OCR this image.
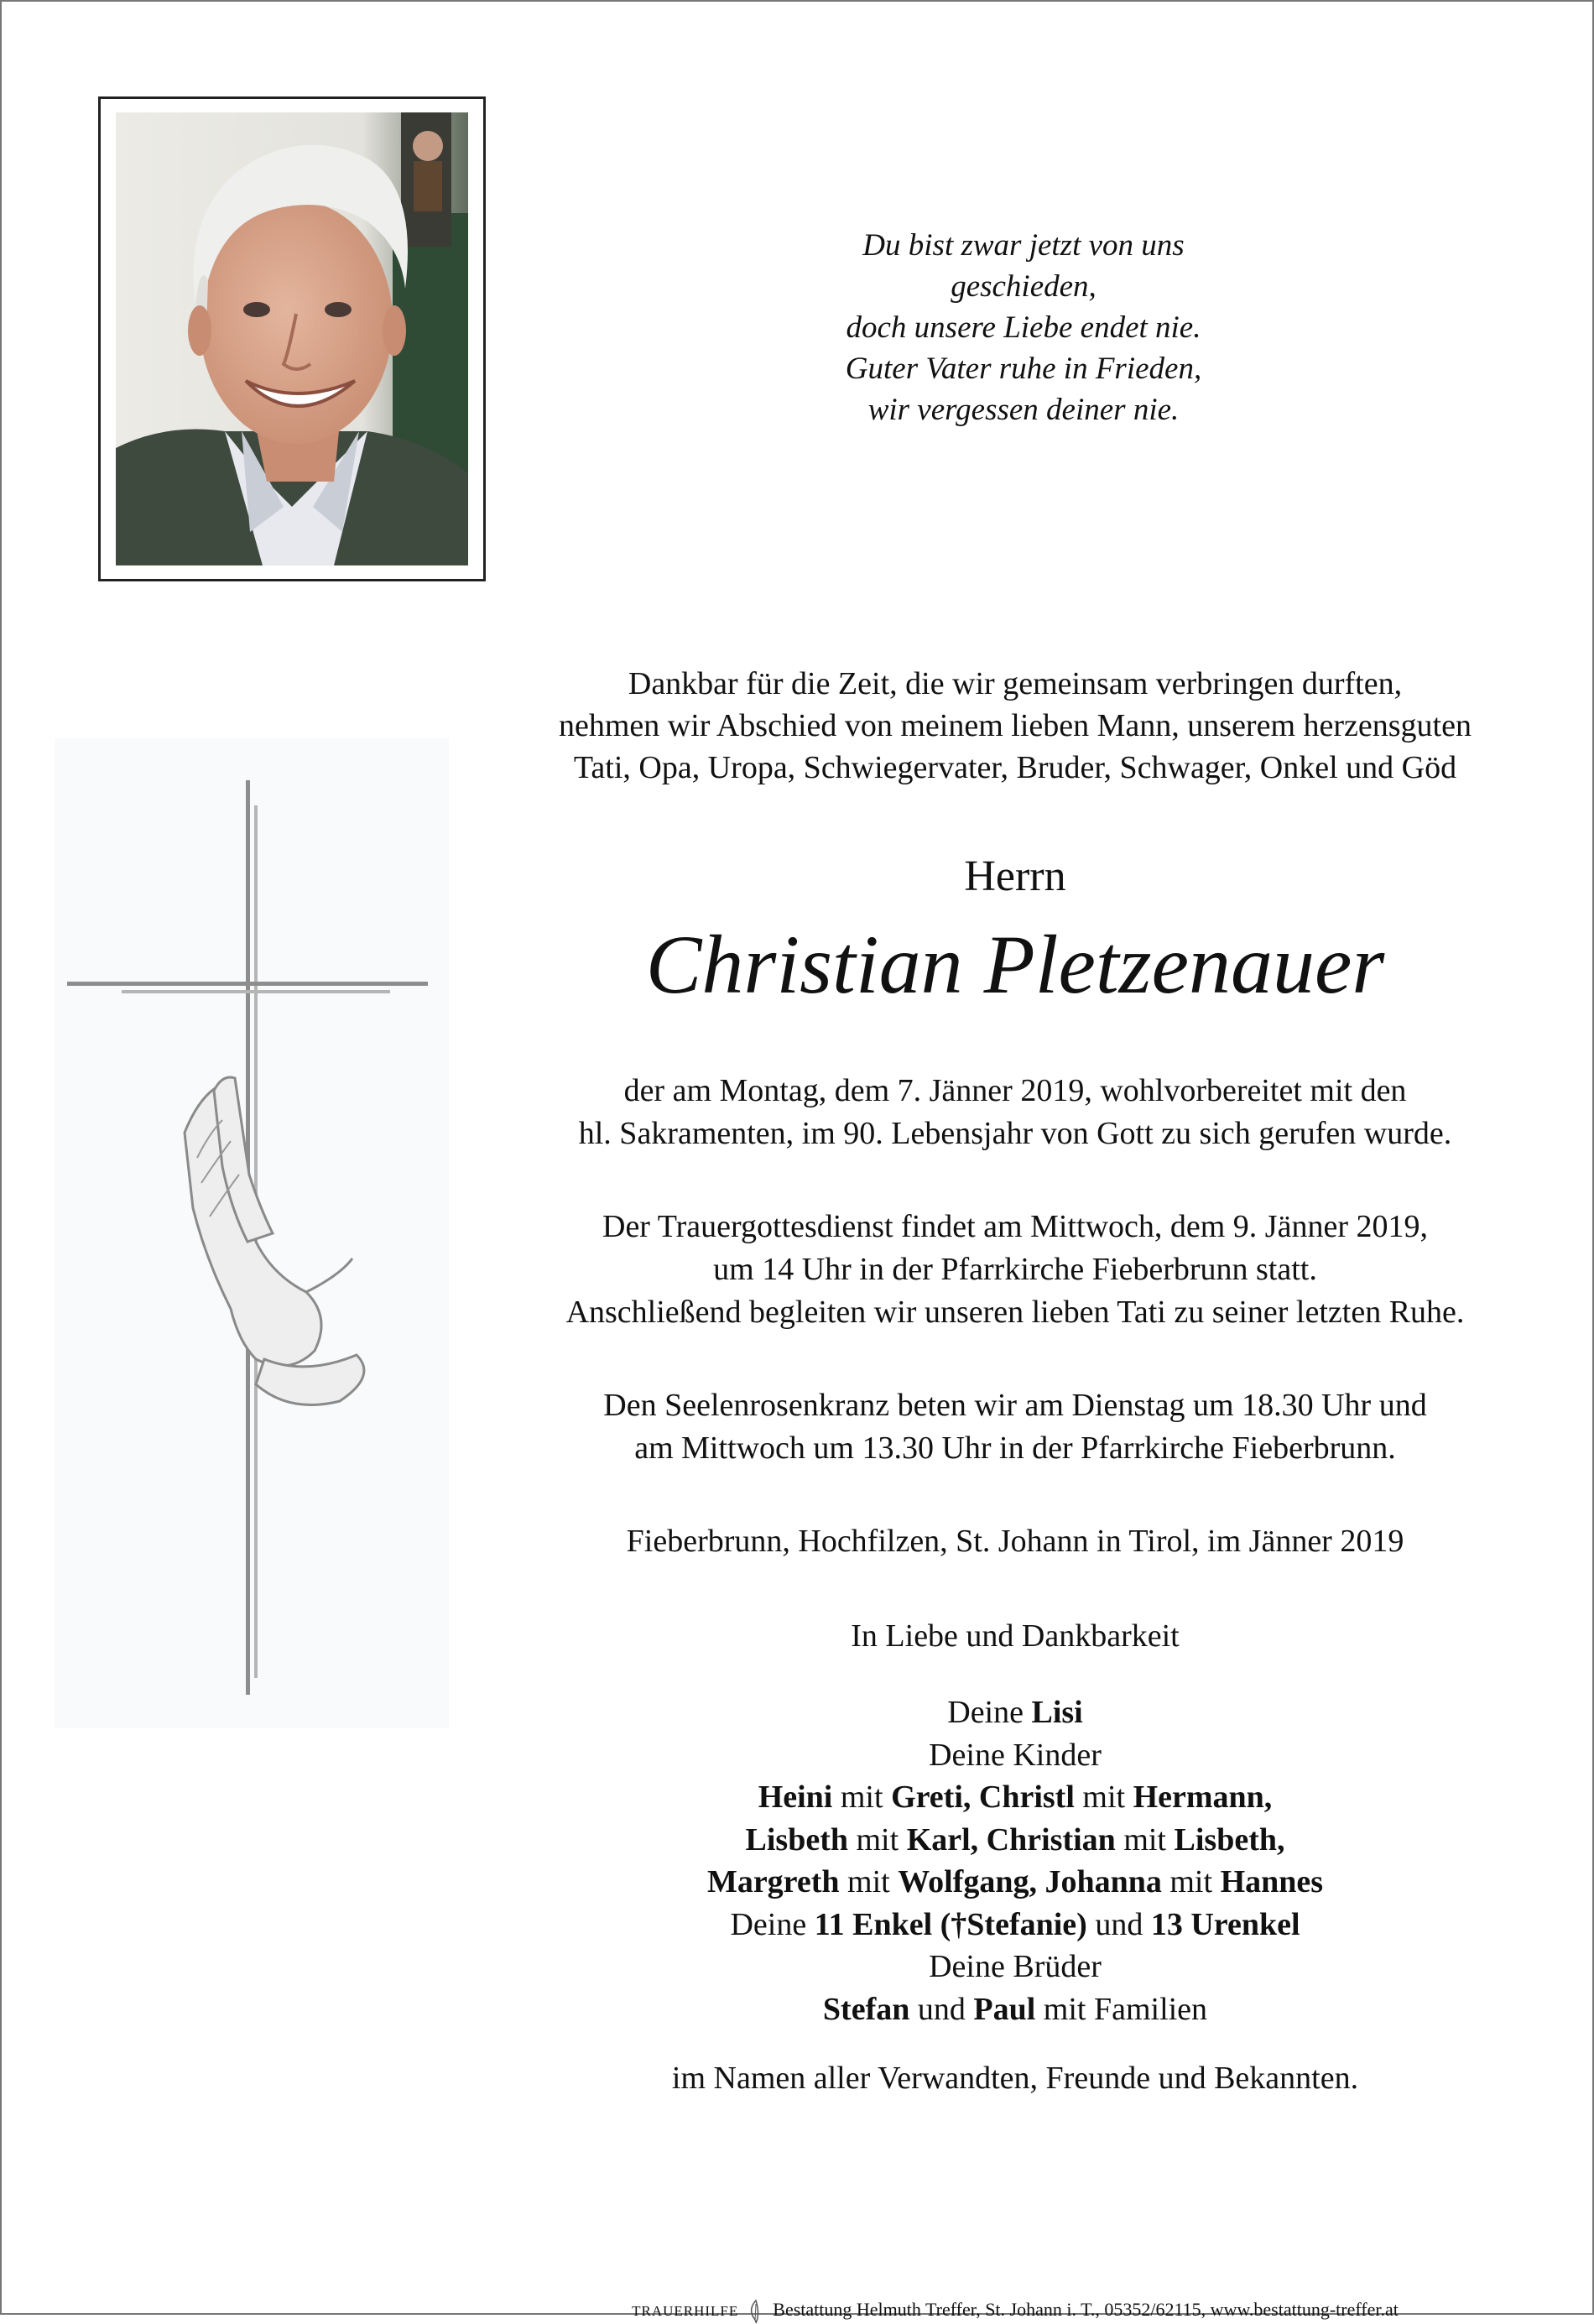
Du bist zwar jetzt von uns
geschieden,
doch unsere Liebe endet nie.
Guter Vater ruhe in Frieden,
wir vergessen deiner nie.
Dankbar für die Zeit, die wir gemeinsam verbringen durften,
nehmen wir Abschied von meinem lieben Mann, unserem herzensguten
Tati, Opa, Uropa, Schwiegervater, Bruder, Schwager, Onkel und Göd
Herrn
Christian Pletzenauer
der am Montag, dem 7. Jänner 2019, wohlvorbereitet mit den
hl. Sakramenten, im 90. Lebensjahr von Gott zu sich gerufen wurde.
Der Trauergottesdienst findet am Mittwoch, dem 9. Jänner 2019,
um 14 Uhr in der Pfarrkirche Fieberbrunn statt.
Anschließend begleiten wir unseren lieben Tati zu seiner letzten Ruhe.
Den Seelenrosenkranz beten wir am Dienstag um 18.30 Uhr und
am Mittwoch um 13.30 Uhr in der Pfarrkirche Fieberbrunn.
Fieberbrunn, Hochfilzen, St. Johann in Tirol, im Jänner 2019
In Liebe und Dankbarkeit
Deine Lisi
Deine Kinder
Heini mit Greti, Christl mit Hermann,
Lisbeth mit Karl, Christian mit Lisbeth,
Margreth mit Wolfgang, Johanna mit Hannes
Deine 11 Enkel (†Stefanie) und 13 Urenkel
Deine Brüder
Stefan und Paul mit Familien
im Namen aller Verwandten, Freunde und Bekannten.
TRAUERHILFE Bestattung Helmuth Treffer, St. Johann i. T., 05352/62115, www.bestattung-treffer.at
